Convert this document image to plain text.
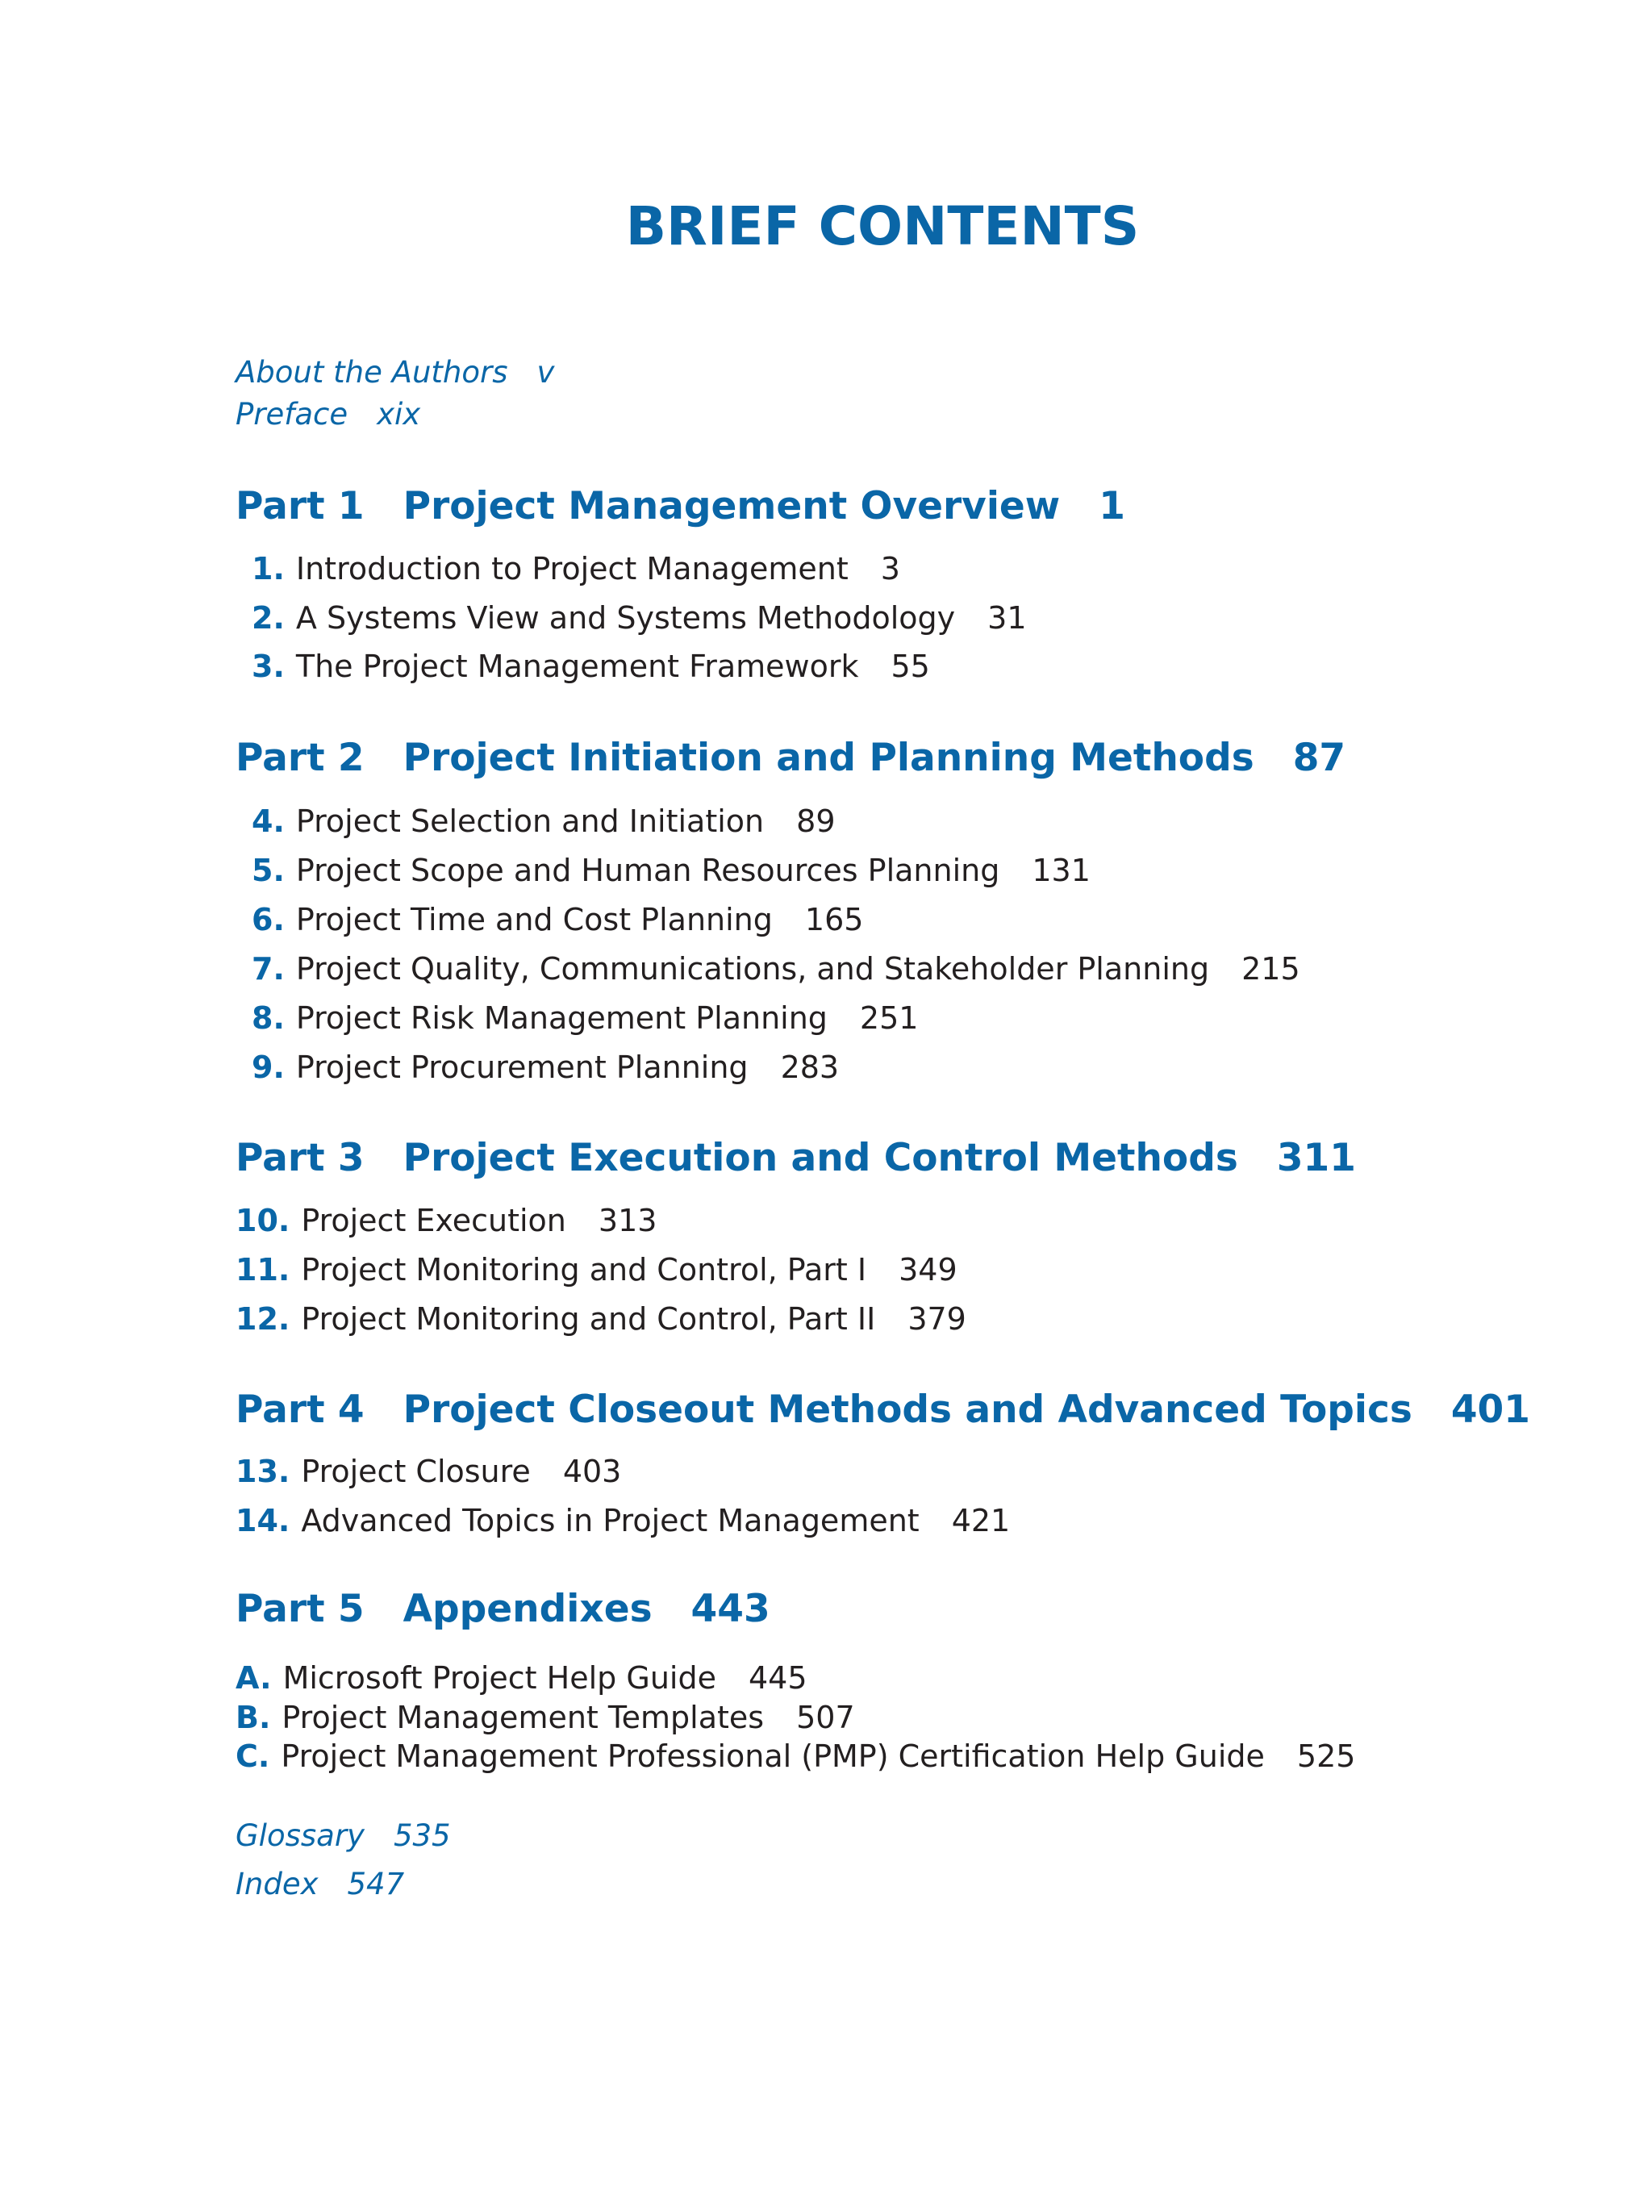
BRIEF CONTENTS
About the Authors v
Preface xix
Part 1 Project Management Overview 1
1. Introduction to Project Management 3
2. A Systems View and Systems Methodology 31
3. The Project Management Framework 55
Part 2 Project Initiation and Planning Methods 87
4. Project Selection and Initiation 89
5. Project Scope and Human Resources Planning 131
6. Project Time and Cost Planning 165
7. Project Quality, Communications, and Stakeholder Planning 215
8. Project Risk Management Planning 251
9. Project Procurement Planning 283
Part 3 Project Execution and Control Methods 311
10. Project Execution 313
11. Project Monitoring and Control, Part I 349
12. Project Monitoring and Control, Part II 379
Part 4 Project Closeout Methods and Advanced Topics 401
13. Project Closure 403
14. Advanced Topics in Project Management 421
Part 5 Appendixes 443
A. Microsoft Project Help Guide 445
B. Project Management Templates 507
C. Project Management Professional (PMP) Certification Help Guide 525
Glossary 535
Index 547
